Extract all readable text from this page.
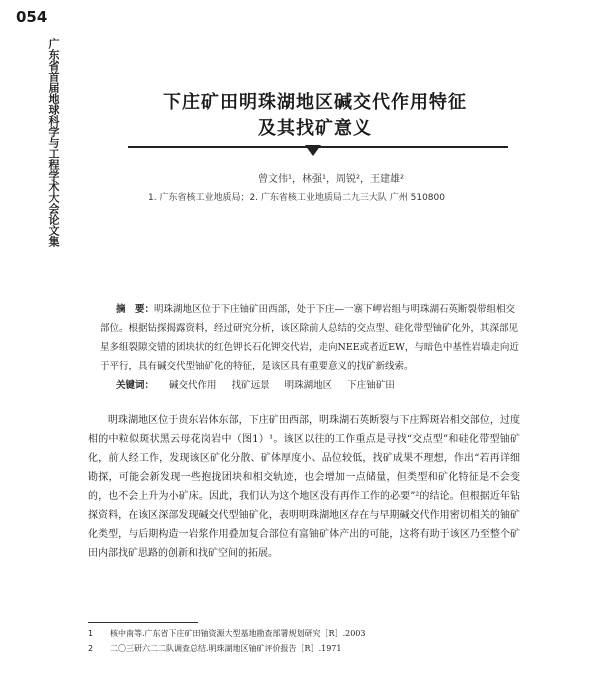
054
广东省首届地球科学与工程学术大会论文集	下庄矿田明珠湖地区碱交代作用特征
及其找矿意义
曾文伟¹，林强¹，周锐²，王建雄²
1. 广东省核工业地质局；2. 广东省核工业地质局二九三大队 广州 510800
摘　要：明珠湖地区位于下庄铀矿田西部，处于下庄—一寨下岬岩组与明珠湖石英断裂带组相交部位。根据钻探揭露资料，经过研究分析，该区除前人总结的交点型、硅化带型铀矿化外，其深部见星多组裂隙交错的团块状的红色钾长石化钾交代岩，走向NEE或者近EW，与暗色中基性岩墙走向近于平行，具有碱交代型铀矿化的特征，是该区具有重要意义的找矿新线索。
关键词： 碱交代作用 找矿远景 明珠湖地区 下庄铀矿田
明珠湖地区位于贵东岩体东部，下庄矿田西部，明珠湖石英断裂与下庄辉斑岩相交部位，过度相的中粒似斑状黑云母花岗岩中（图1）¹。该区以往的工作重点是寻找“交点型”和硅化带型铀矿化，前人经工作，发现该区矿化分散、矿体厚度小、品位较低，找矿成果不理想，作出“若再详细勘探，可能会新发现一些抱拢团块和相交轨迹，也会增加一点储量，但类型和矿化特征是不会变的，也不会上升为小矿床。因此，我们认为这个地区没有再作工作的必要”²的结论。但根据近年钻探资料，在该区深部发现碱交代型铀矿化，表明明珠湖地区存在与早期碱交代作用密切相关的铀矿化类型，与后期构造一岩浆作用叠加复合部位有富铀矿体产出的可能，这将有助于该区乃至整个矿田内部找矿思路的创新和找矿空间的拓展。
1 核中南等.广东省下庄矿田铀资源大型基地勘查部署规划研究［R］.2003
2 二〇三研六二二队调查总结.明珠湖地区铀矿评价报告［R］.1971
